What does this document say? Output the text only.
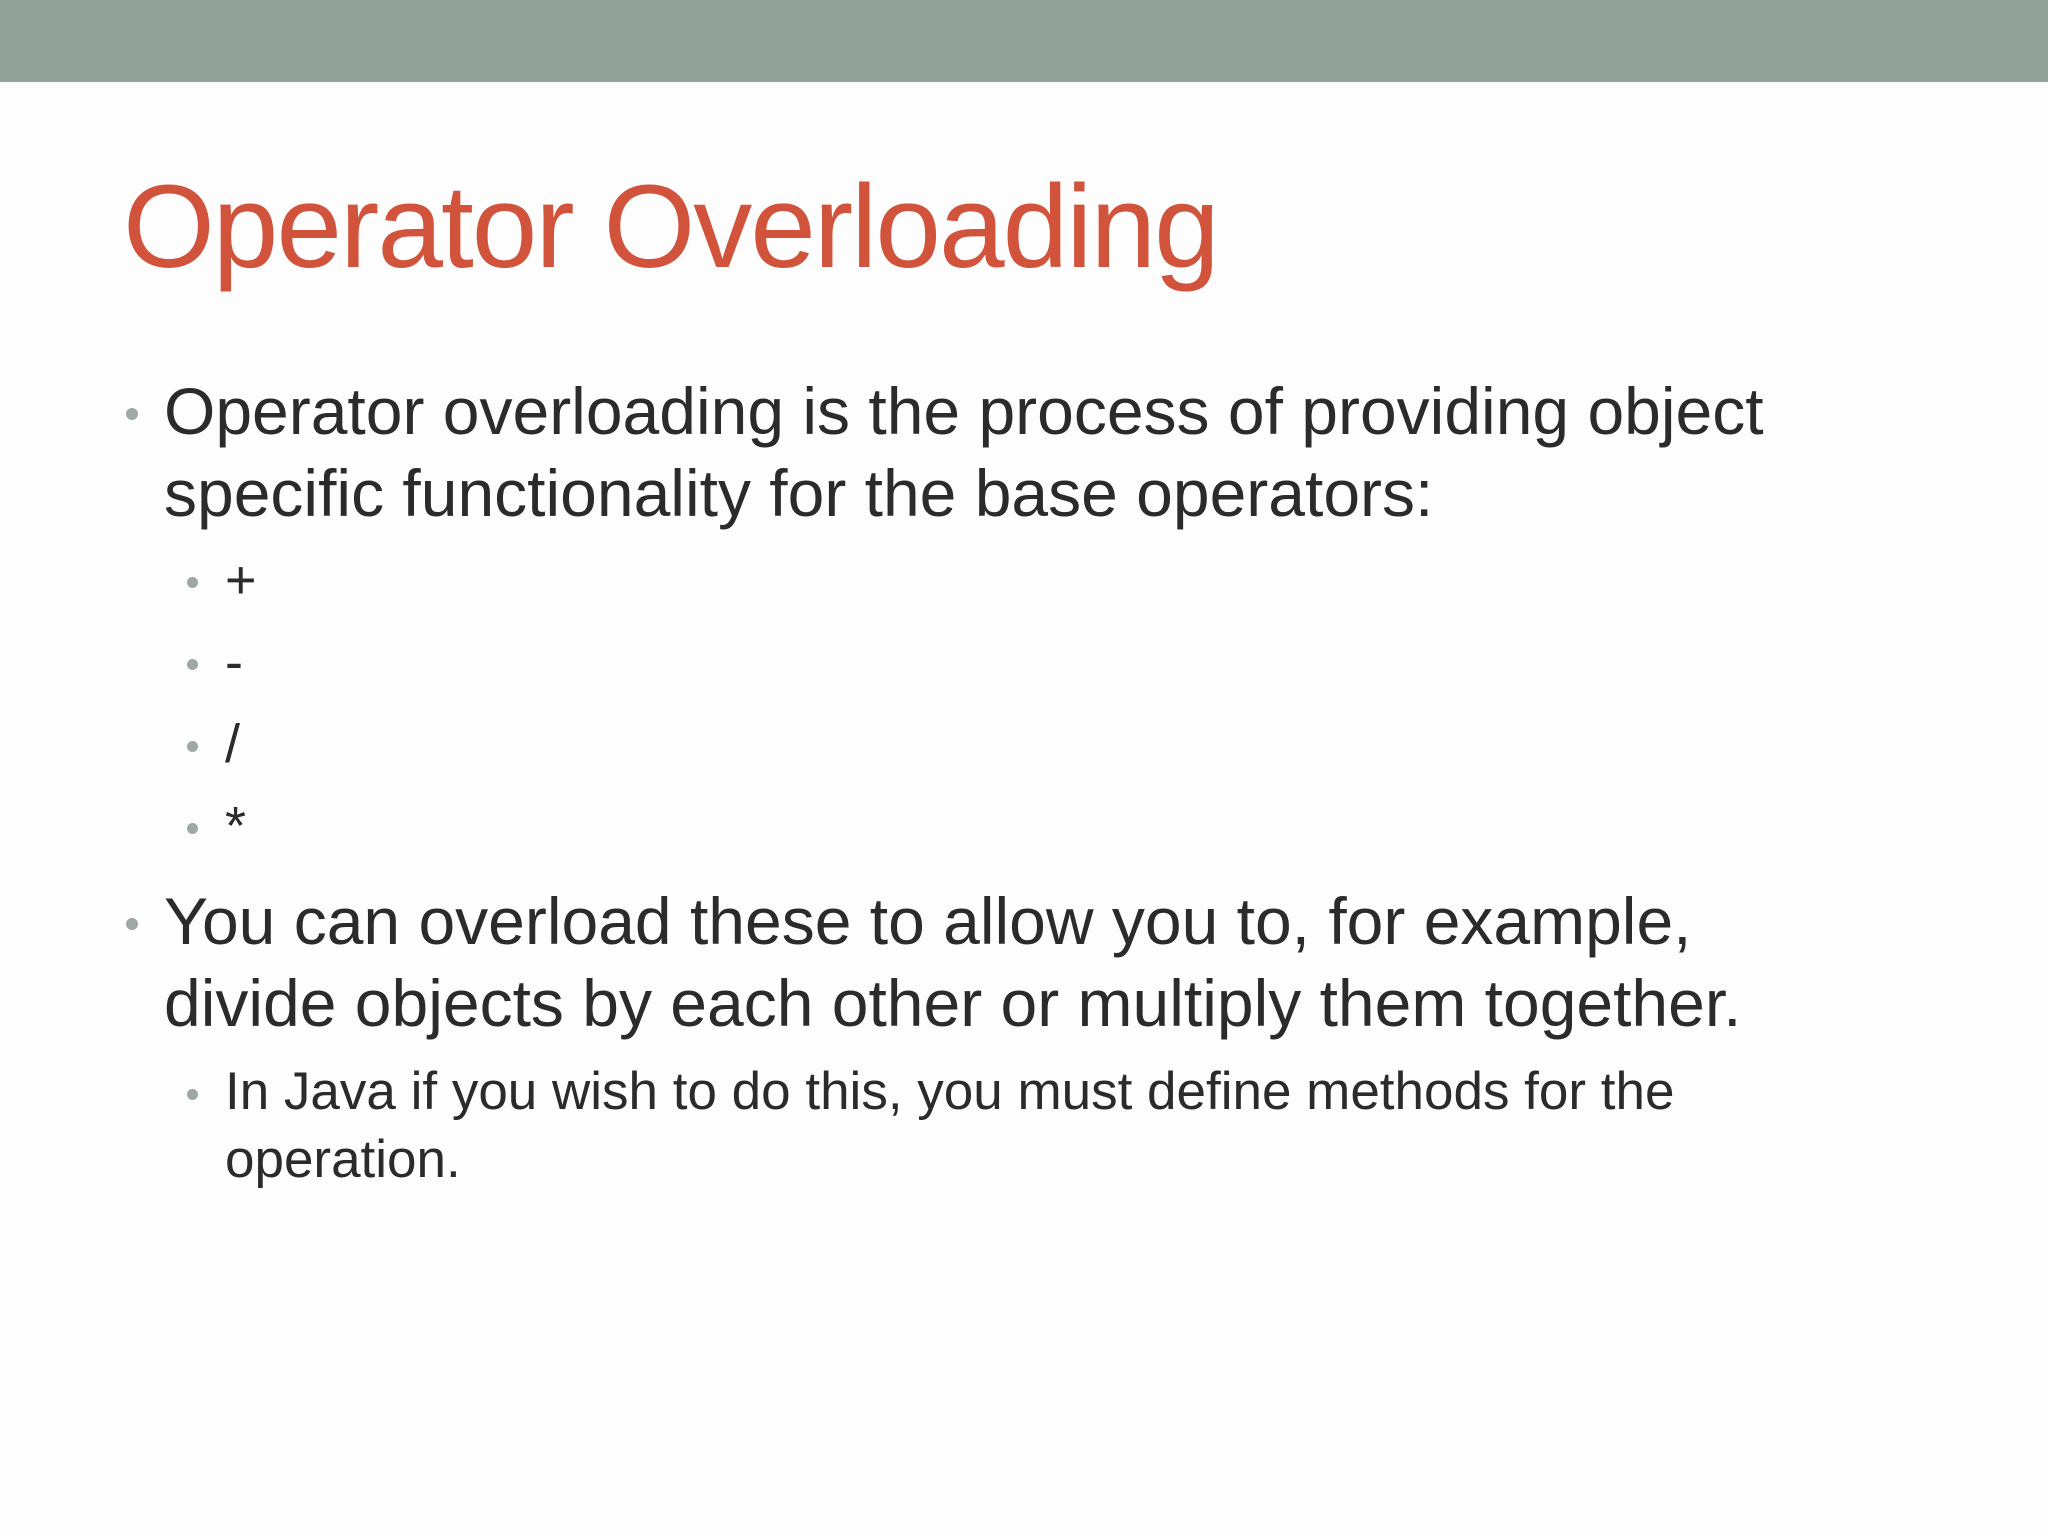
Operator Overloading
Operator overloading is the process of providing object specific functionality for the base operators:
+
-
/
*
You can overload these to allow you to, for example, divide objects by each other or multiply them together.
In Java if you wish to do this, you must define methods for the operation.
